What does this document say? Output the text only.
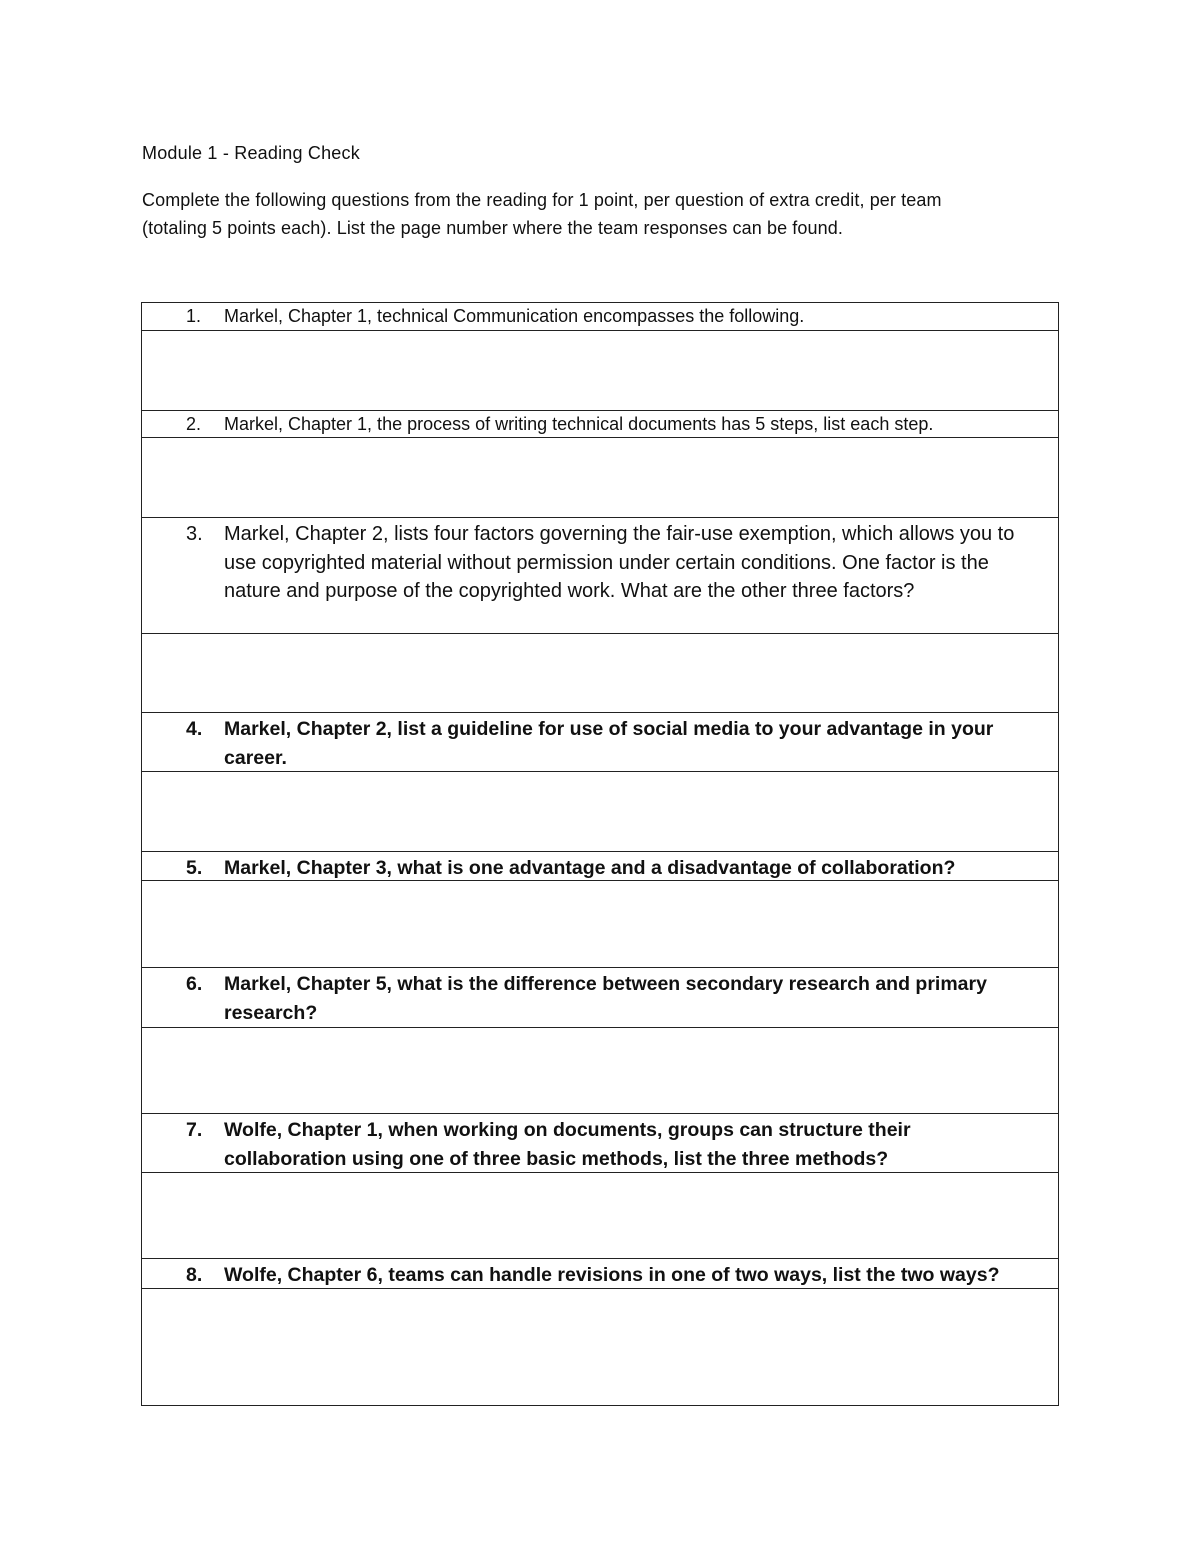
Module 1 - Reading Check
Complete the following questions from the reading for 1 point, per question of extra credit, per team
(totaling 5 points each). List the page number where the team responses can be found.
1. Markel, Chapter 1, technical Communication encompasses the following.
2. Markel, Chapter 1, the process of writing technical documents has 5 steps, list each step.
3. Markel, Chapter 2, lists four factors governing the fair-use exemption, which allows you to use copyrighted material without permission under certain conditions. One factor is the nature and purpose of the copyrighted work. What are the other three factors?
4. Markel, Chapter 2, list a guideline for use of social media to your advantage in your career.
5. Markel, Chapter 3, what is one advantage and a disadvantage of collaboration?
6. Markel, Chapter 5, what is the difference between secondary research and primary research?
7. Wolfe, Chapter 1, when working on documents, groups can structure their collaboration using one of three basic methods, list the three methods?
8. Wolfe, Chapter 6, teams can handle revisions in one of two ways, list the two ways?
